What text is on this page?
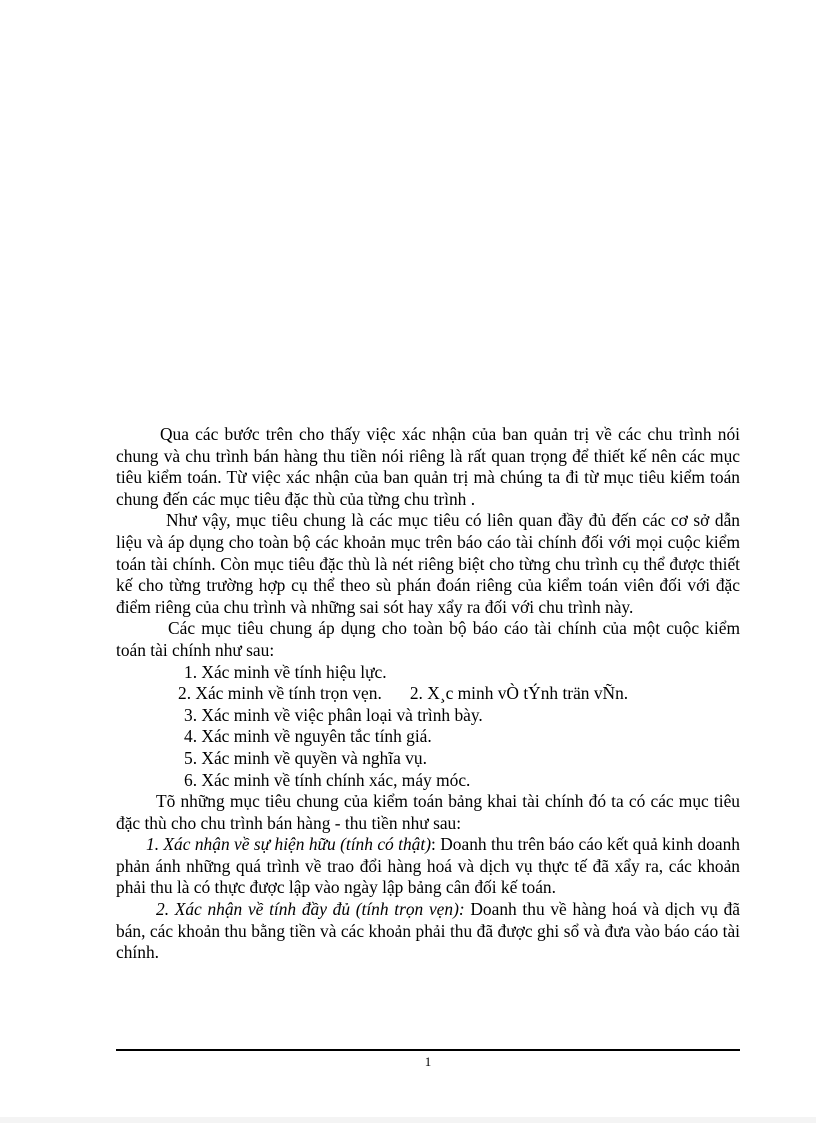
Qua các bước trên cho thấy việc xác nhận của ban quản trị về các chu trình nói chung và chu trình bán hàng thu tiền nói riêng là rất quan trọng để thiết kế nên các mục tiêu kiểm toán. Từ việc xác nhận của ban quản trị mà chúng ta đi từ mục tiêu kiểm toán chung đến các mục tiêu đặc thù của từng chu trình .

Như vậy, mục tiêu chung là các mục tiêu có liên quan đầy đủ đến các cơ sở dẫn liệu và áp dụng cho toàn bộ các khoản mục trên báo cáo tài chính đối với mọi cuộc kiểm toán tài chính. Còn mục tiêu đặc thù là nét riêng biệt cho từng chu trình cụ thể được thiết kế cho từng trường hợp cụ thể theo sù phán đoán riêng của kiểm toán viên đối với đặc điểm riêng của chu trình và những sai sót hay xẩy ra đối với chu trình này.

Các mục tiêu chung áp dụng cho toàn bộ báo cáo tài chính của một cuộc kiểm toán tài chính như sau:

1. Xác minh về tính hiệu lực.

2. Xác minh về tính trọn vẹn. 2. X¸c minh vÒ tÝnh trän vÑn.

3. Xác minh về việc phân loại và trình bày.

4. Xác minh về nguyên tắc tính giá.

5. Xác minh về quyền và nghĩa vụ.

6. Xác minh về tính chính xác, máy móc.

Tõ những mục tiêu chung của kiểm toán bảng khai tài chính đó ta có các mục tiêu đặc thù cho chu trình bán hàng - thu tiền như sau:

1. Xác nhận về sự hiện hữu (tính có thật): Doanh thu trên báo cáo kết quả kinh doanh phản ánh những quá trình về trao đổi hàng hoá và dịch vụ thực tế đã xẩy ra, các khoản phải thu là có thực được lập vào ngày lập bảng cân đối kế toán.

2. Xác nhận về tính đầy đủ (tính trọn vẹn): Doanh thu về hàng hoá và dịch vụ đã bán, các khoản thu bằng tiền và các khoản phải thu đã được ghi sổ và đưa vào báo cáo tài chính.

1
